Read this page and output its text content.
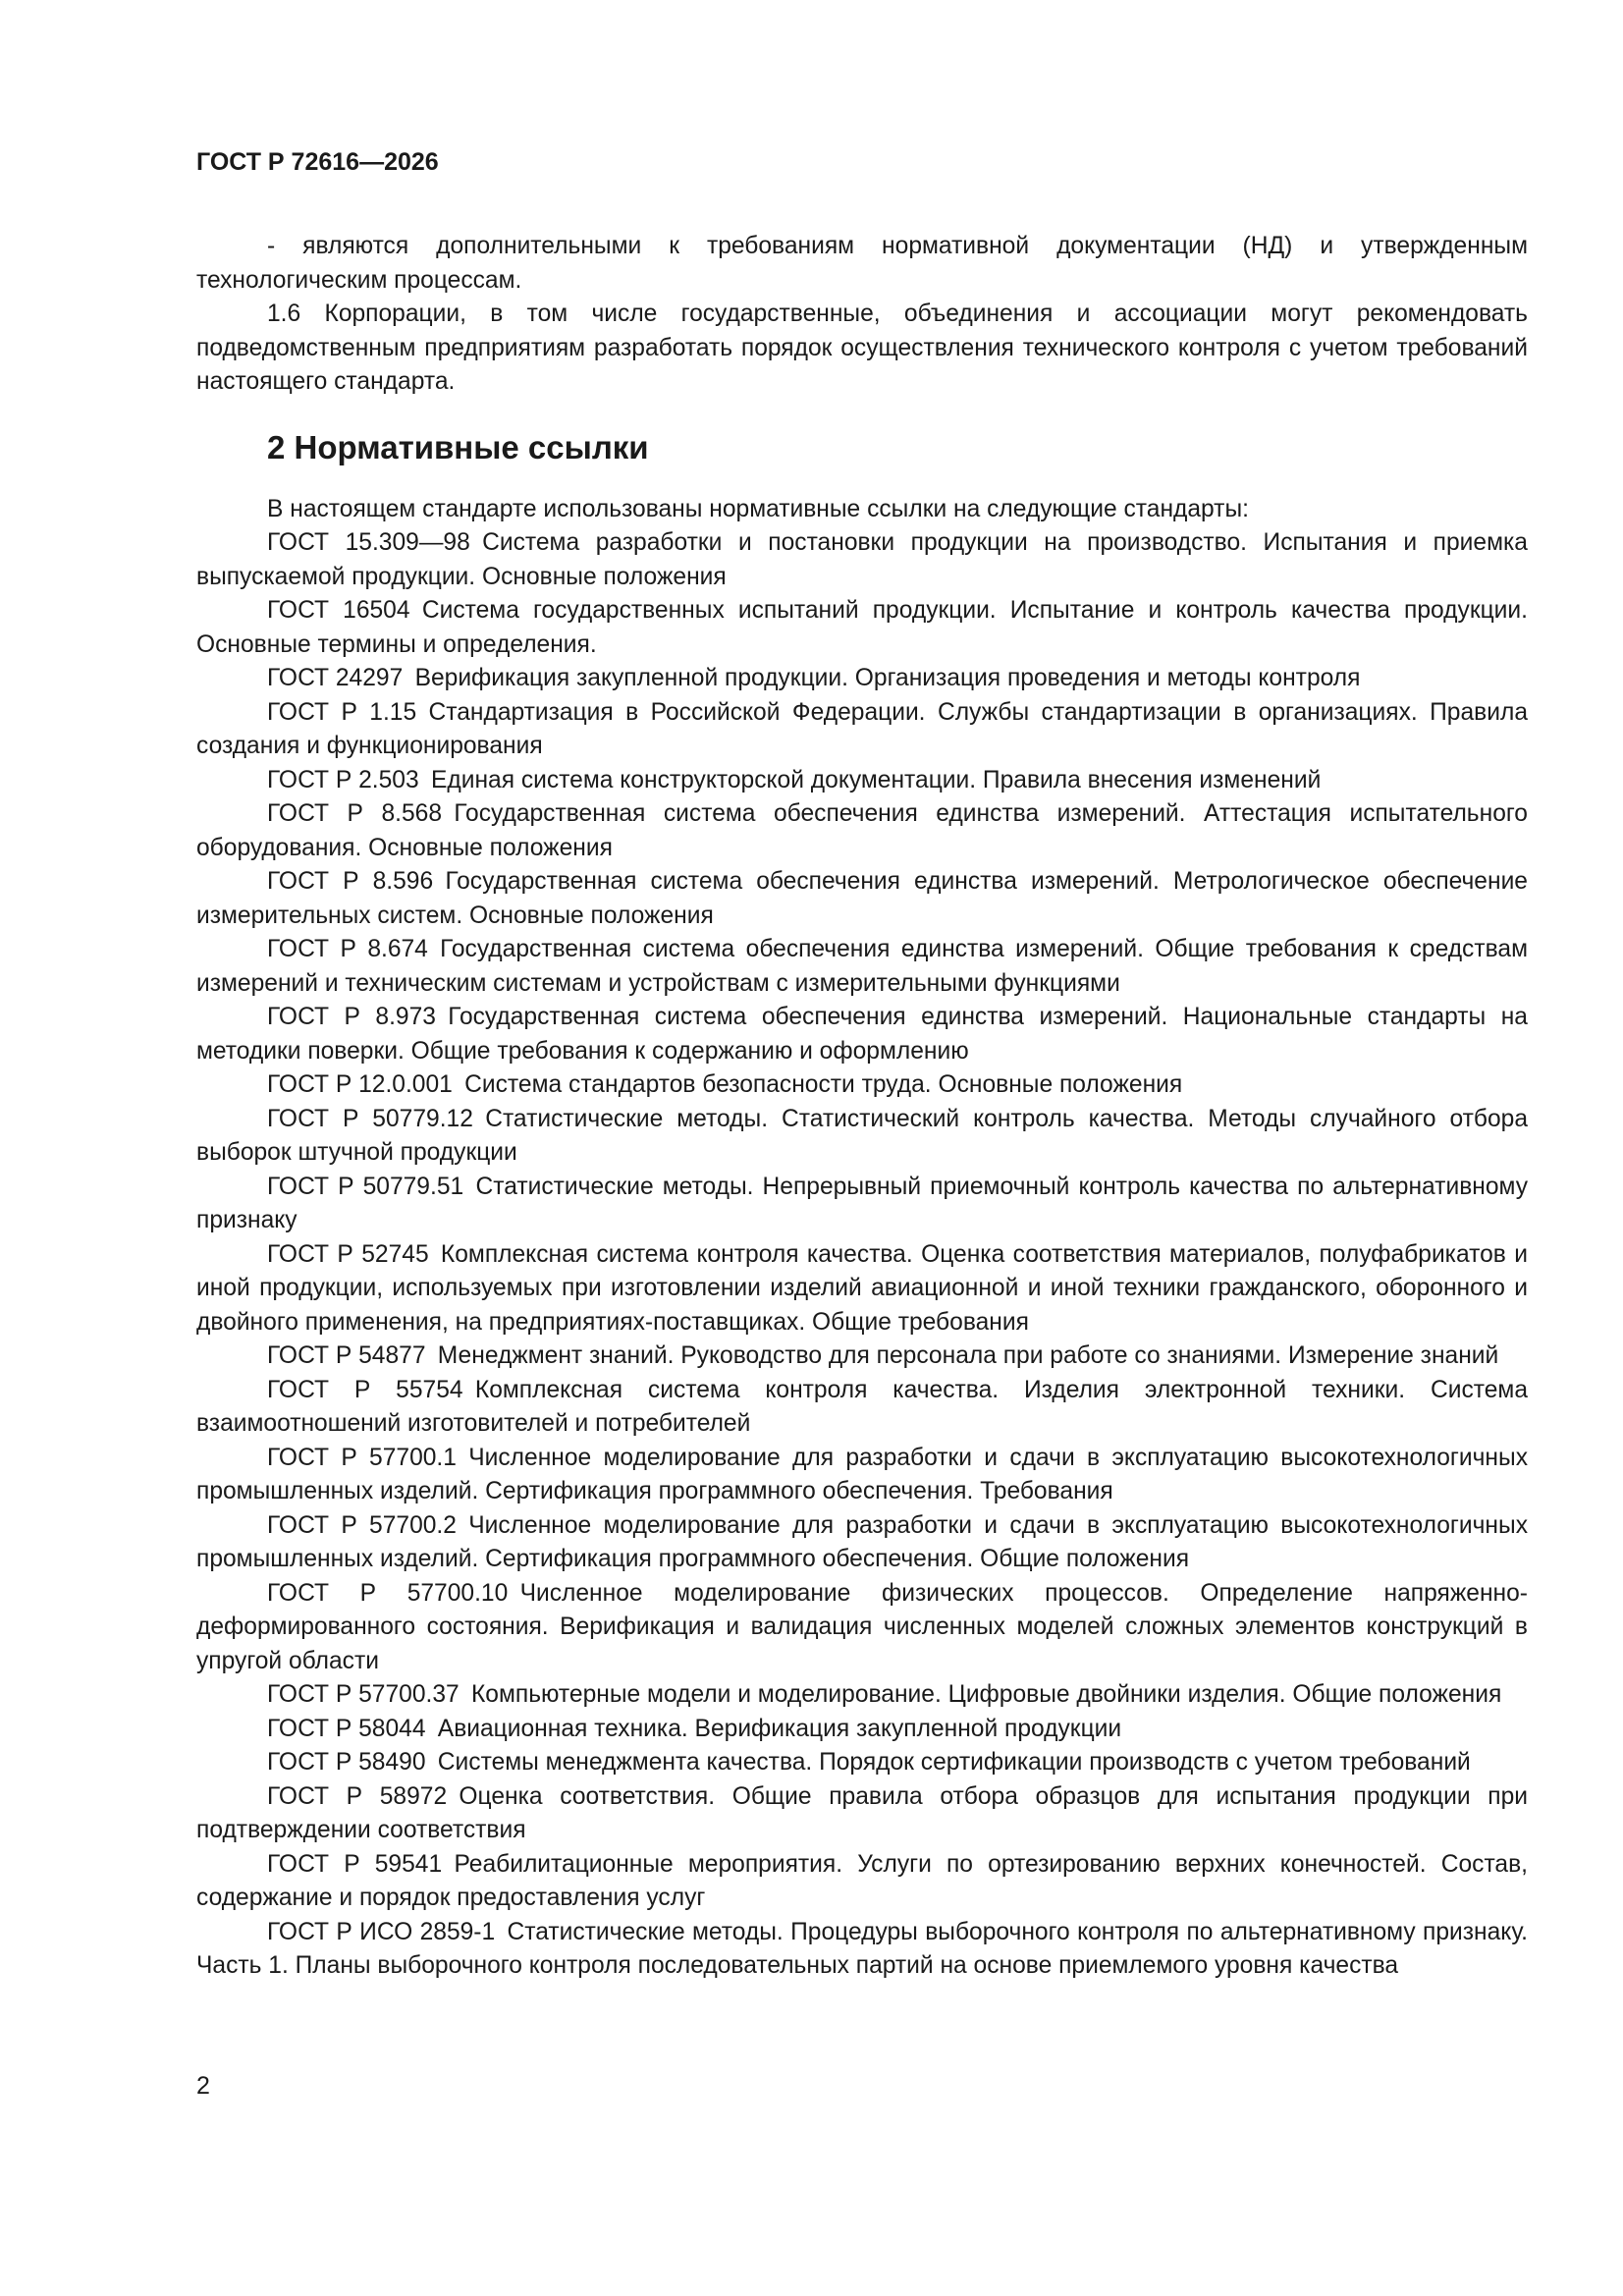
ГОСТ Р 72616—2026

- являются дополнительными к требованиям нормативной документации (НД) и утвержденным технологическим процессам.

1.6 Корпорации, в том числе государственные, объединения и ассоциации могут рекомендовать подведомственным предприятиям разработать порядок осуществления технического контроля с учетом требований настоящего стандарта.

2 Нормативные ссылки

В настоящем стандарте использованы нормативные ссылки на следующие стандарты:

ГОСТ 15.309—98  Система разработки и постановки продукции на производство. Испытания и приемка выпускаемой продукции. Основные положения

ГОСТ 16504  Система государственных испытаний продукции. Испытание и контроль качества продукции. Основные термины и определения.

ГОСТ 24297  Верификация закупленной продукции. Организация проведения и методы контроля

ГОСТ Р 1.15  Стандартизация в Российской Федерации. Службы стандартизации в организациях. Правила создания и функционирования

ГОСТ Р 2.503  Единая система конструкторской документации. Правила внесения изменений

ГОСТ Р 8.568  Государственная система обеспечения единства измерений. Аттестация испытательного оборудования. Основные положения

ГОСТ Р 8.596  Государственная система обеспечения единства измерений. Метрологическое обеспечение измерительных систем. Основные положения

ГОСТ Р 8.674  Государственная система обеспечения единства измерений. Общие требования к средствам измерений и техническим системам и устройствам с измерительными функциями

ГОСТ Р 8.973  Государственная система обеспечения единства измерений. Национальные стандарты на методики поверки. Общие требования к содержанию и оформлению

ГОСТ Р 12.0.001  Система стандартов безопасности труда. Основные положения

ГОСТ Р 50779.12  Статистические методы. Статистический контроль качества. Методы случайного отбора выборок штучной продукции

ГОСТ Р 50779.51  Статистические методы. Непрерывный приемочный контроль качества по альтернативному признаку

ГОСТ Р 52745  Комплексная система контроля качества. Оценка соответствия материалов, полуфабрикатов и иной продукции, используемых при изготовлении изделий авиационной и иной техники гражданского, оборонного и двойного применения, на предприятиях-поставщиках. Общие требования

ГОСТ Р 54877  Менеджмент знаний. Руководство для персонала при работе со знаниями. Измерение знаний

ГОСТ Р 55754  Комплексная система контроля качества. Изделия электронной техники. Система взаимоотношений изготовителей и потребителей

ГОСТ Р 57700.1  Численное моделирование для разработки и сдачи в эксплуатацию высокотехнологичных промышленных изделий. Сертификация программного обеспечения. Требования

ГОСТ Р 57700.2  Численное моделирование для разработки и сдачи в эксплуатацию высокотехнологичных промышленных изделий. Сертификация программного обеспечения. Общие положения

ГОСТ Р 57700.10  Численное моделирование физических процессов. Определение напряженно-деформированного состояния. Верификация и валидация численных моделей сложных элементов конструкций в упругой области

ГОСТ Р 57700.37  Компьютерные модели и моделирование. Цифровые двойники изделия. Общие положения

ГОСТ Р 58044  Авиационная техника. Верификация закупленной продукции

ГОСТ Р 58490  Системы менеджмента качества. Порядок сертификации производств с учетом требований

ГОСТ Р 58972  Оценка соответствия. Общие правила отбора образцов для испытания продукции при подтверждении соответствия

ГОСТ Р 59541  Реабилитационные мероприятия. Услуги по ортезированию верхних конечностей. Состав, содержание и порядок предоставления услуг

ГОСТ Р ИСО 2859-1  Статистические методы. Процедуры выборочного контроля по альтернативному признаку. Часть 1. Планы выборочного контроля последовательных партий на основе приемлемого уровня качества

2
